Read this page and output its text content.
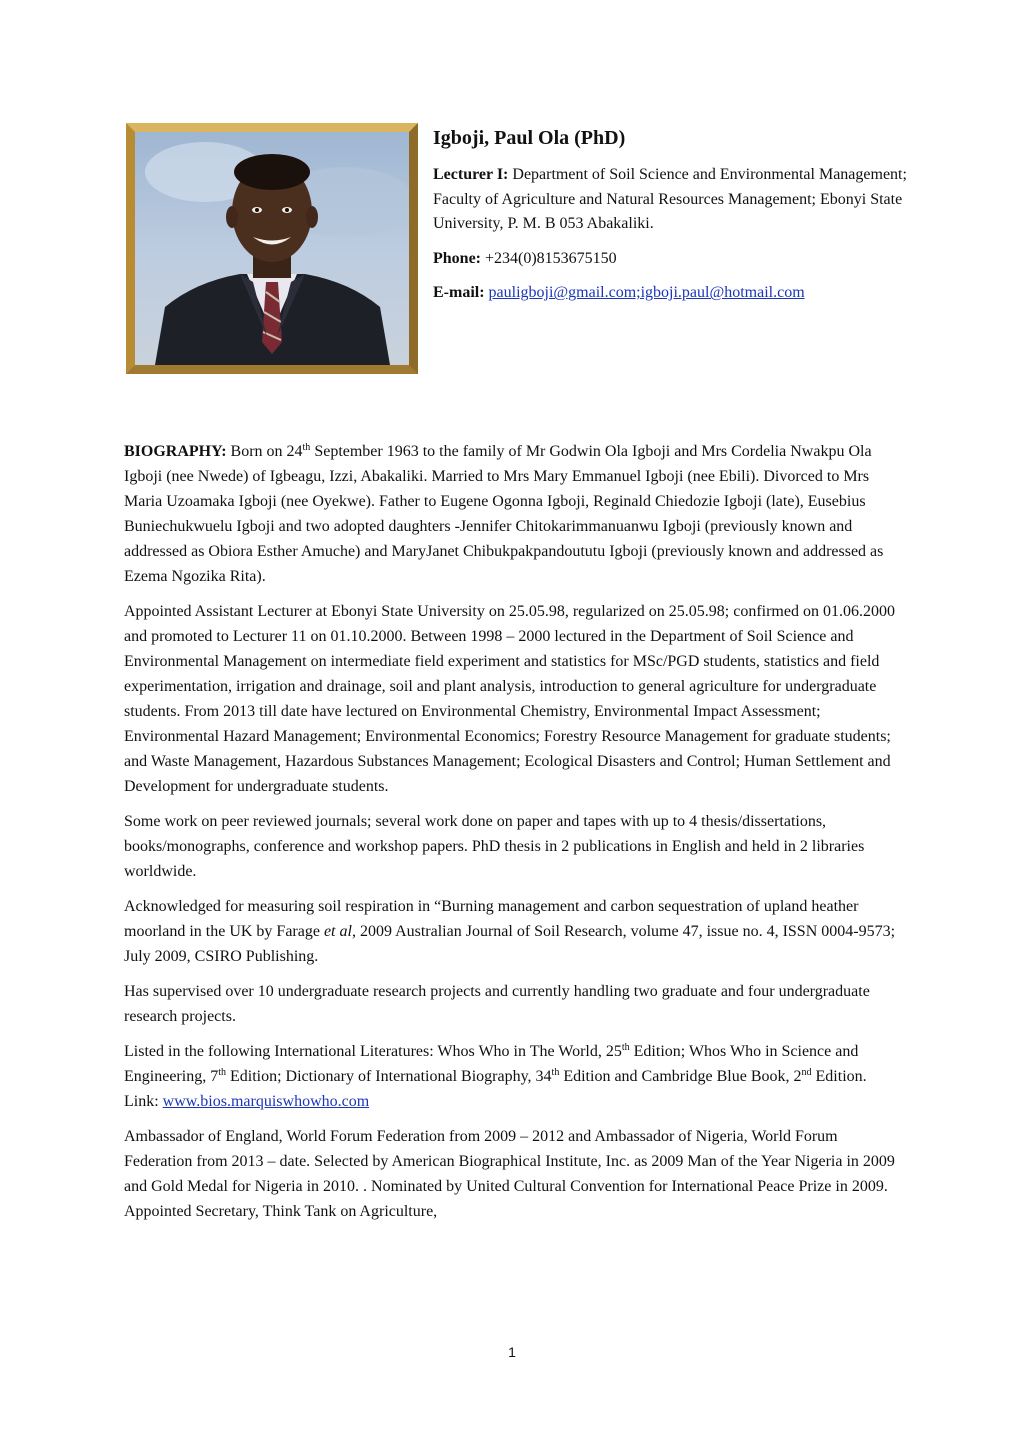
Igboji, Paul Ola (PhD)
Lecturer I: Department of Soil Science and Environmental Management; Faculty of Agriculture and Natural Resources Management; Ebonyi State University, P. M. B 053 Abakaliki.
Phone: +234(0)8153675150
E-mail: pauligboji@gmail.com;igboji.paul@hotmail.com

BIOGRAPHY: Born on 24th September 1963 to the family of Mr Godwin Ola Igboji and Mrs Cordelia Nwakpu Ola Igboji (nee Nwede) of Igbeagu, Izzi, Abakaliki. Married to Mrs Mary Emmanuel Igboji (nee Ebili). Divorced to Mrs Maria Uzoamaka Igboji (nee Oyekwe). Father to Eugene Ogonna Igboji, Reginald Chiedozie Igboji (late), Eusebius Buniechukwuelu Igboji and two adopted daughters -Jennifer Chitokarimmanuanwu Igboji (previously known and addressed as Obiora Esther Amuche) and MaryJanet Chibukpakpandoututu Igboji (previously known and addressed as Ezema Ngozika Rita).

Appointed Assistant Lecturer at Ebonyi State University on 25.05.98, regularized on 25.05.98; confirmed on 01.06.2000 and promoted to Lecturer 11 on 01.10.2000. Between 1998 – 2000 lectured in the Department of Soil Science and Environmental Management on intermediate field experiment and statistics for MSc/PGD students, statistics and field experimentation, irrigation and drainage, soil and plant analysis, introduction to general agriculture for undergraduate students. From 2013 till date have lectured on Environmental Chemistry, Environmental Impact Assessment; Environmental Hazard Management; Environmental Economics; Forestry Resource Management for graduate students; and Waste Management, Hazardous Substances Management; Ecological Disasters and Control; Human Settlement and Development for undergraduate students.

Some work on peer reviewed journals; several work done on paper and tapes with up to 4 thesis/dissertations, books/monographs, conference and workshop papers. PhD thesis in 2 publications in English and held in 2 libraries worldwide.

Acknowledged for measuring soil respiration in “Burning management and carbon sequestration of upland heather moorland in the UK by Farage et al, 2009 Australian Journal of Soil Research, volume 47, issue no. 4, ISSN 0004-9573; July 2009, CSIRO Publishing.

Has supervised over 10 undergraduate research projects and currently handling two graduate and four undergraduate research projects.

Listed in the following International Literatures: Whos Who in The World, 25th Edition; Whos Who in Science and Engineering, 7th Edition; Dictionary of International Biography, 34th Edition and Cambridge Blue Book, 2nd Edition. Link: www.bios.marquiswhowho.com

Ambassador of England, World Forum Federation from 2009 – 2012 and Ambassador of Nigeria, World Forum Federation from 2013 – date. Selected by American Biographical Institute, Inc. as 2009 Man of the Year Nigeria in 2009 and Gold Medal for Nigeria in 2010. . Nominated by United Cultural Convention for International Peace Prize in 2009. Appointed Secretary, Think Tank on Agriculture,

1
